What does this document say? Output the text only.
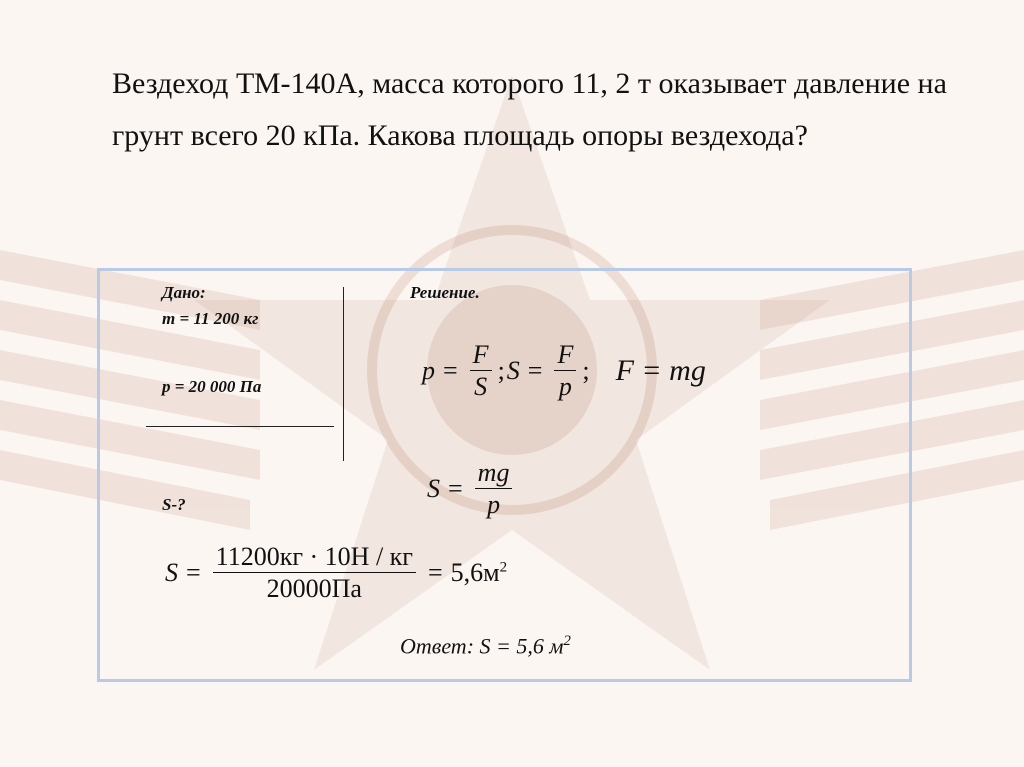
Вездеход ТМ-140А, масса которого 11, 2 т оказывает давление на грунт всего 20 кПа. Какова площадь опоры вездехода?
Дано:
m = 11 200 кг
p = 20 000 Па
S-?
Решение.
$p = \frac{F}{S}$ ; $S = \frac{F}{p}$ ; F = mg
$S = \frac{mg}{p}$
$S = \frac{11200кг \cdot 10Н / кг}{20000Па} = 5,6м^2$
Ответ: S = 5,6 $м^2$
